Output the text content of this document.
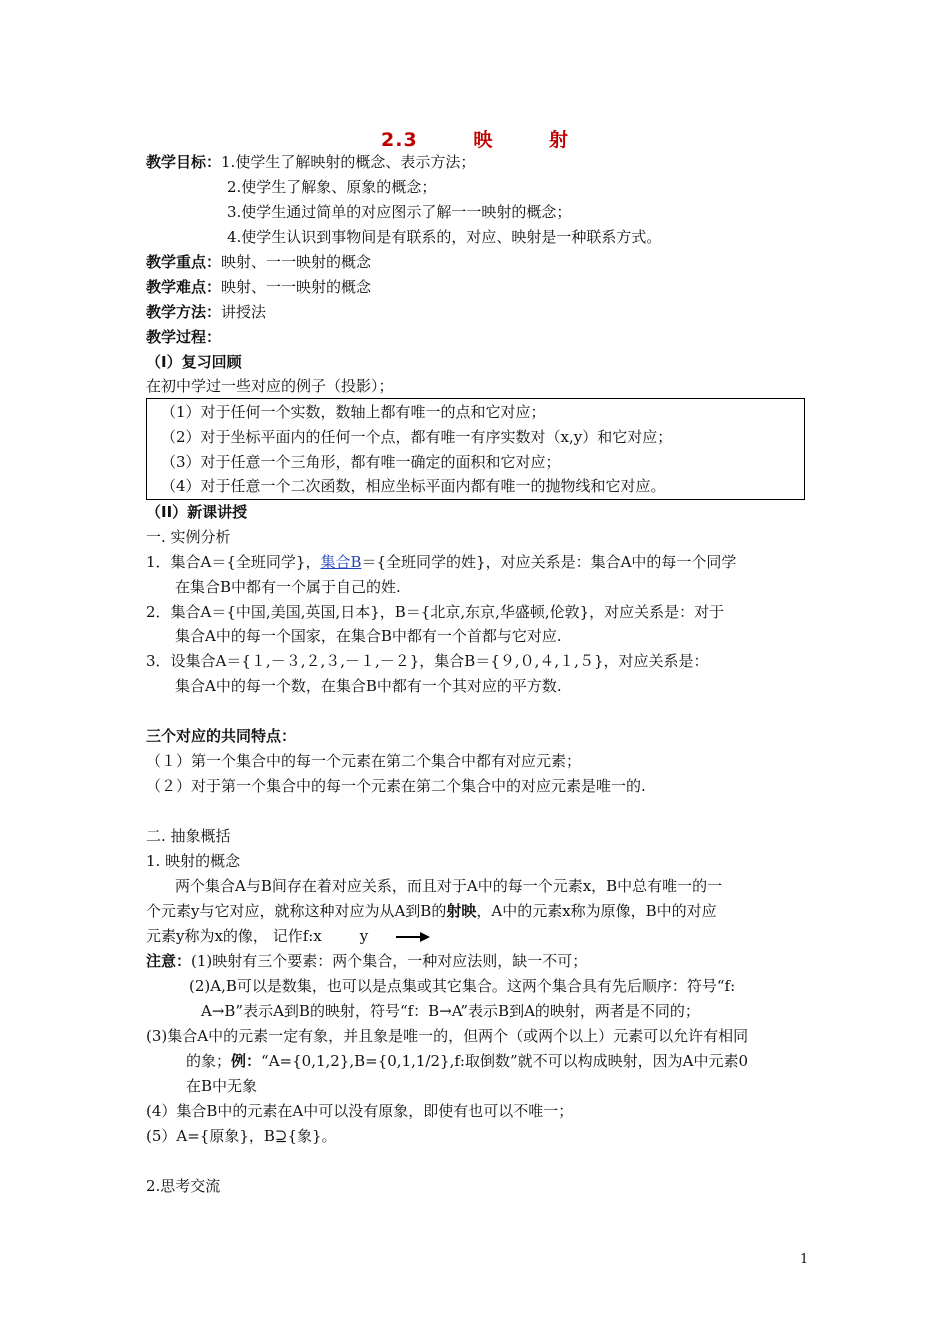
2.3	映	射
教学目标：1.使学生了解映射的概念、表示方法；
2.使学生了解象、原象的概念；
3.使学生通过简单的对应图示了解一一映射的概念；
4.使学生认识到事物间是有联系的，对应、映射是一种联系方式。
教学重点：映射、一一映射的概念
教学难点：映射、一一映射的概念
教学方法：讲授法
教学过程：
（I）复习回顾
在初中学过一些对应的例子（投影）；
（1）对于任何一个实数，数轴上都有唯一的点和它对应；
（2）对于坐标平面内的任何一个点，都有唯一有序实数对（x,y）和它对应；
（3）对于任意一个三角形，都有唯一确定的面积和它对应；
（4）对于任意一个二次函数，相应坐标平面内都有唯一的抛物线和它对应。
（II）新课讲授
一. 实例分析
1．集合A＝{全班同学}，集合B＝{全班同学的姓}，对应关系是：集合A中的每一个同学
在集合B中都有一个属于自己的姓.
2．集合A＝{中国,美国,英国,日本}，B＝{北京,东京,华盛顿,伦敦}，对应关系是：对于
集合A中的每一个国家，在集合B中都有一个首都与它对应.
3．设集合A＝{１,－３,２,３,－１,－２}，集合B＝{９,０,４,１,５}，对应关系是：
集合A中的每一个数，在集合B中都有一个其对应的平方数.
三个对应的共同特点：
（１）第一个集合中的每一个元素在第二个集合中都有对应元素；
（２）对于第一个集合中的每一个元素在第二个集合中的对应元素是唯一的.
二. 抽象概括
1. 映射的概念
两个集合A与B间存在着对应关系，而且对于A中的每一个元素x，B中总有唯一的一
个元素y与它对应，就称这种对应为从A到B的射映，A中的元素x称为原像，B中的对应
元素y称为x的像， 记作f:x	y
注意：(1)映射有三个要素：两个集合，一种对应法则，缺一不可；
(2)A,B可以是数集，也可以是点集或其它集合。这两个集合具有先后顺序：符号“f:
A→B”表示A到B的映射，符号“f：B→A”表示B到A的映射，两者是不同的；
(3)集合A中的元素一定有象，并且象是唯一的，但两个（或两个以上）元素可以允许有相同
的象；例：“A={0,1,2},B={0,1,1/2},f:取倒数”就不可以构成映射，因为A中元素0
在B中无象
(4）集合B中的元素在A中可以没有原象，即使有也可以不唯一；
(5）A={原象}，B⊇{象}。
2.思考交流
1
